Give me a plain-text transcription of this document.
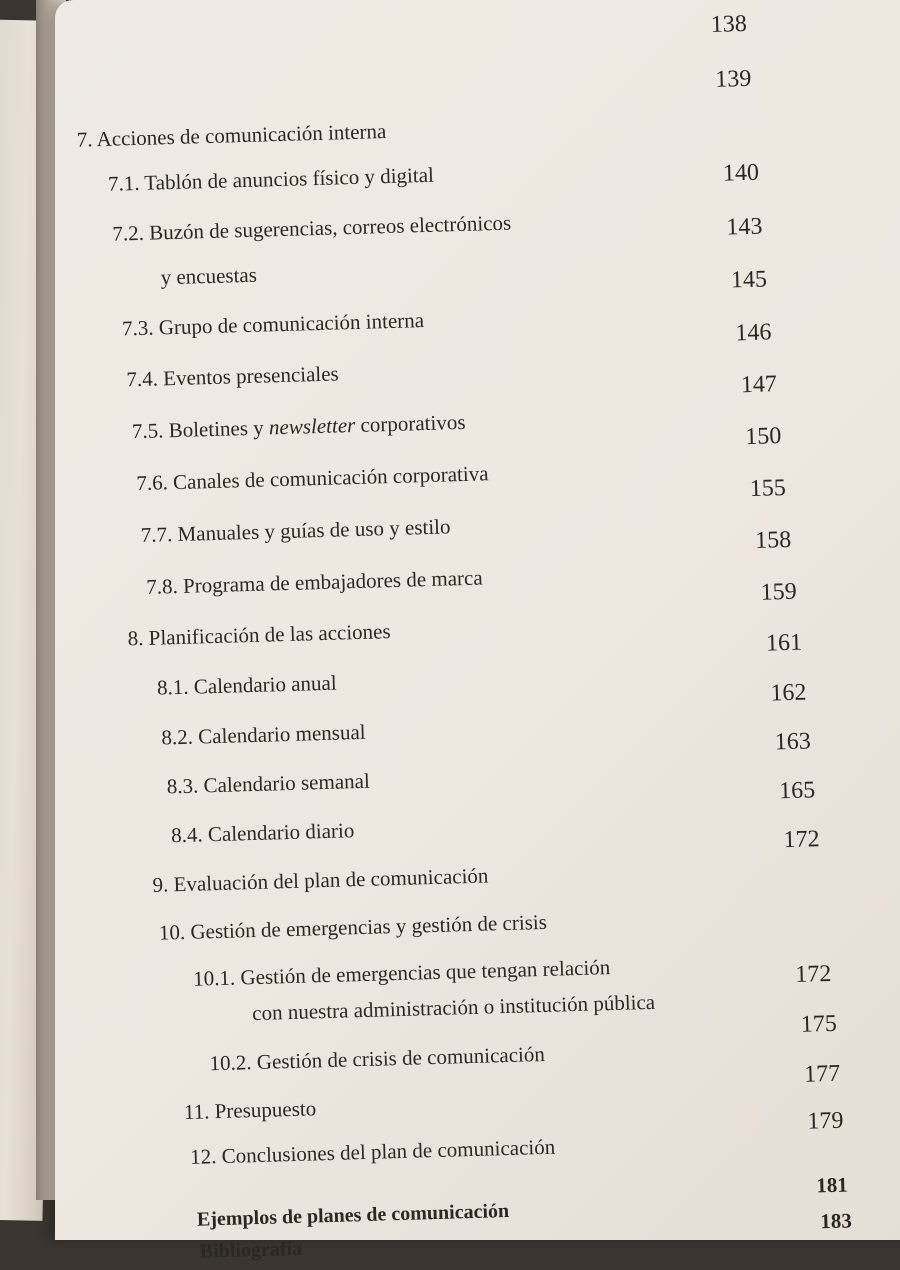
138
7. Acciones de comunicación interna
139
7.1. Tablón de anuncios físico y digital	140
7.2. Buzón de sugerencias, correos electrónicos
y encuestas
143
7.3. Grupo de comunicación interna
145
7.4. Eventos presenciales
146
7.5. Boletines y newsletter corporativos
147
7.6. Canales de comunicación corporativa
150
7.7. Manuales y guías de uso y estilo
155
7.8. Programa de embajadores de marca
158
8. Planificación de las acciones
159
8.1. Calendario anual
161
8.2. Calendario mensual
162
8.3. Calendario semanal
163
8.4. Calendario diario
165
9. Evaluación del plan de comunicación
172
10. Gestión de emergencias y gestión de crisis
10.1. Gestión de emergencias que tengan relación
con nuestra administración o institución pública
172
10.2. Gestión de crisis de comunicación
175
11. Presupuesto
177
12. Conclusiones del plan de comunicación
179
Ejemplos de planes de comunicación
181
Bibliografía
183
